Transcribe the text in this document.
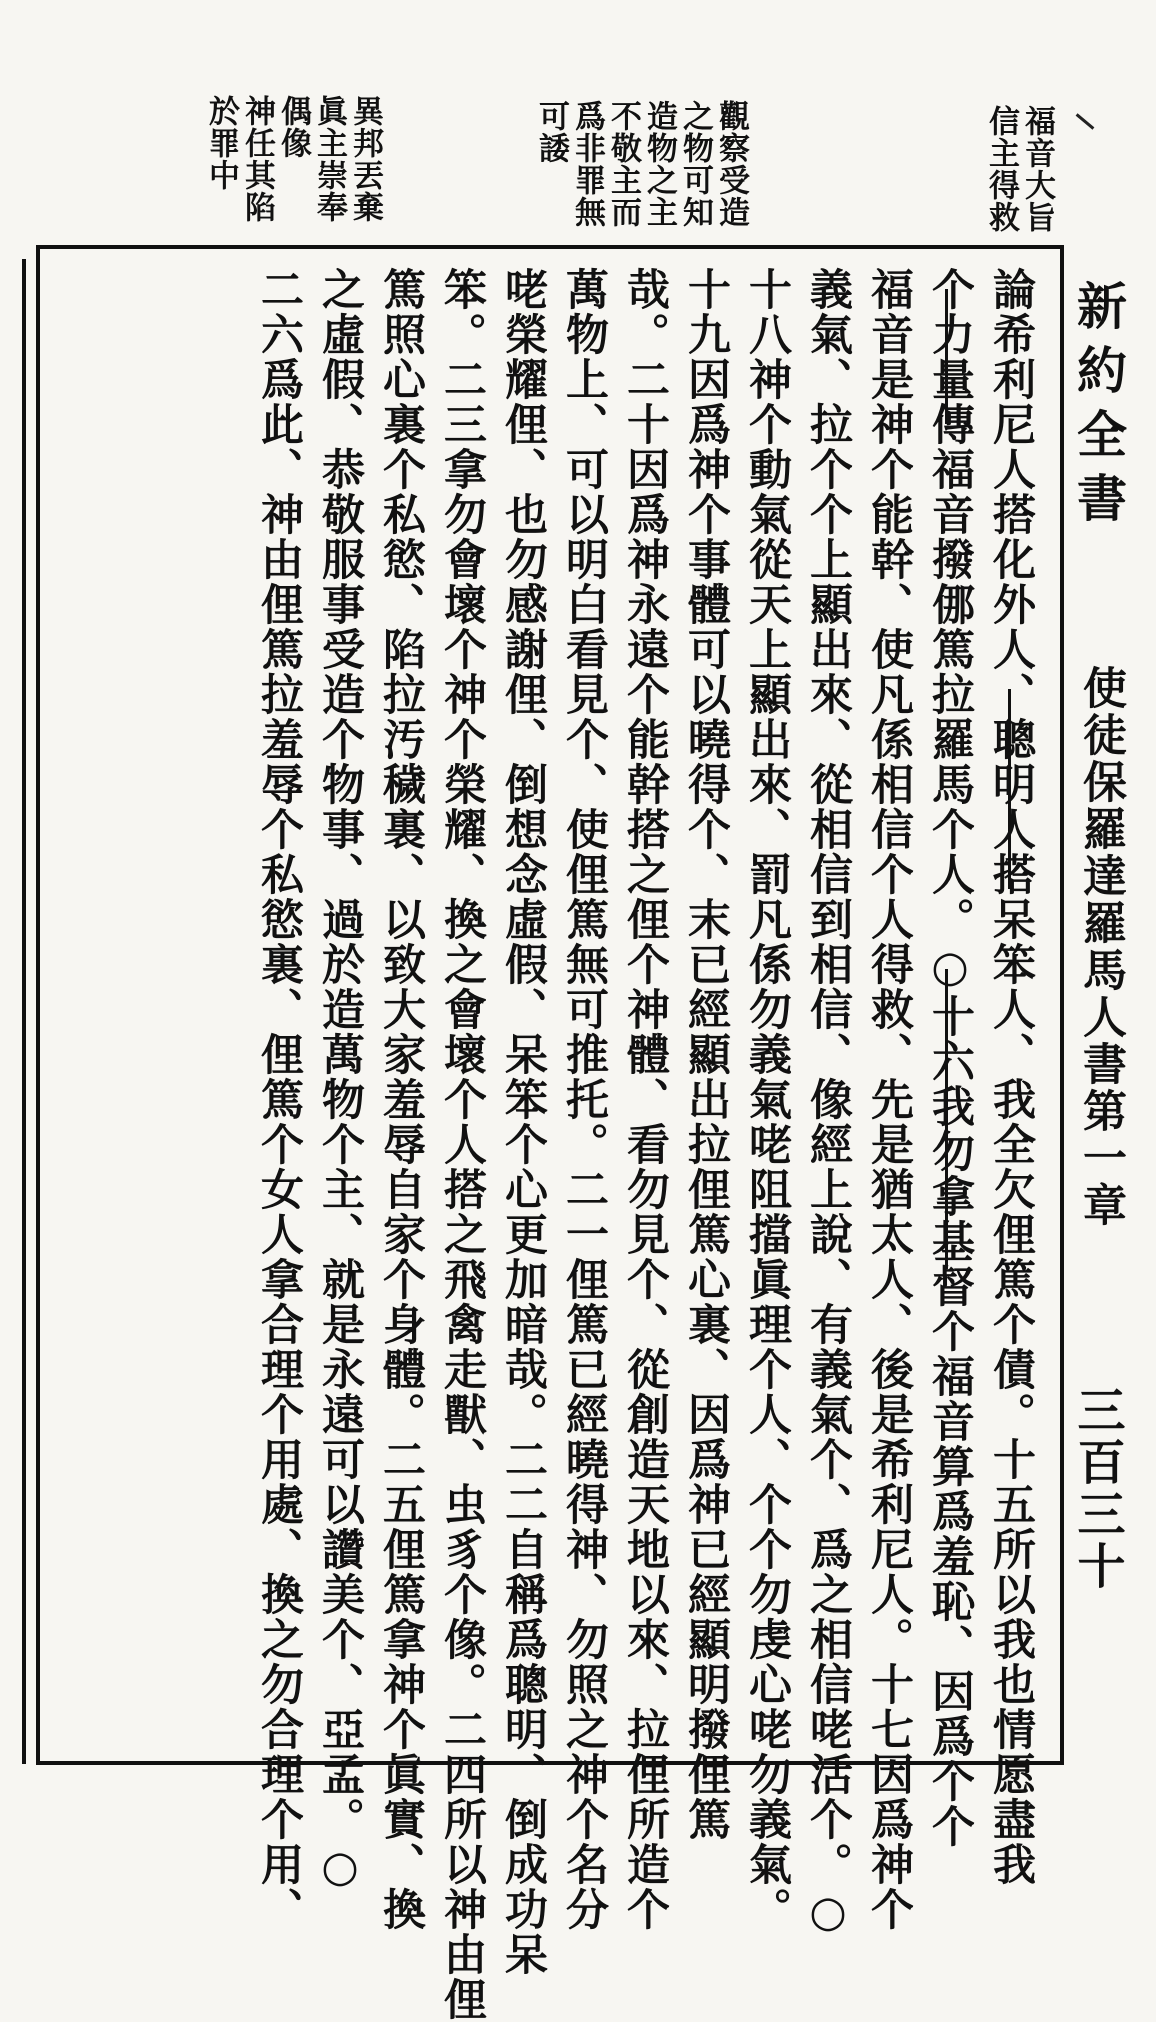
新約全書
使徒保羅達羅馬人書第一章
三百三十
福音大旨
信主得救
觀察受造
之物可知
造物之主
不敬主而
爲非罪無
可諉
異邦丟棄
眞主崇奉
偶像
神任其陷
於罪中
論希利尼人搭化外人、聰明人搭呆笨人、我全欠俚篤个債。十五所以我也情愿盡我
个力量傳福音撥㑚篤拉羅馬个人。○十六我勿拿基督个福音算爲羞恥、因爲个个
福音是神个能幹、使凡係相信个人得救、先是猶太人、後是希利尼人。十七因爲神个
義氣、拉个个上顯出來、從相信到相信、像經上說、有義氣个、爲之相信咾活个。○
十八神个動氣從天上顯出來、罰凡係勿義氣咾阻擋眞理个人、个个勿虔心咾勿義氣。
十九因爲神个事體可以曉得个、末已經顯出拉俚篤心裏、因爲神已經顯明撥俚篤
哉。二十因爲神永遠个能幹搭之俚个神體、看勿見个、從創造天地以來、拉俚所造个
萬物上、可以明白看見个、使俚篤無可推托。二一俚篤已經曉得神、勿照之神个名分
咾榮耀俚、也勿感謝俚、倒想念虛假、呆笨个心更加暗哉。二二自稱爲聰明、倒成功呆
笨。二三拿勿會壞个神个榮耀、換之會壞个人搭之飛禽走獸、虫豸个像。二四所以神由俚
篤照心裏个私慾、陷拉汚穢裏、以致大家羞辱自家个身體。二五俚篤拿神个眞實、換
之虛假、恭敬服事受造个物事、過於造萬物个主、就是永遠可以讚美个、亞孟。○
二六爲此、神由俚篤拉羞辱个私慾裏、俚篤个女人拿合理个用處、換之勿合理个用、
